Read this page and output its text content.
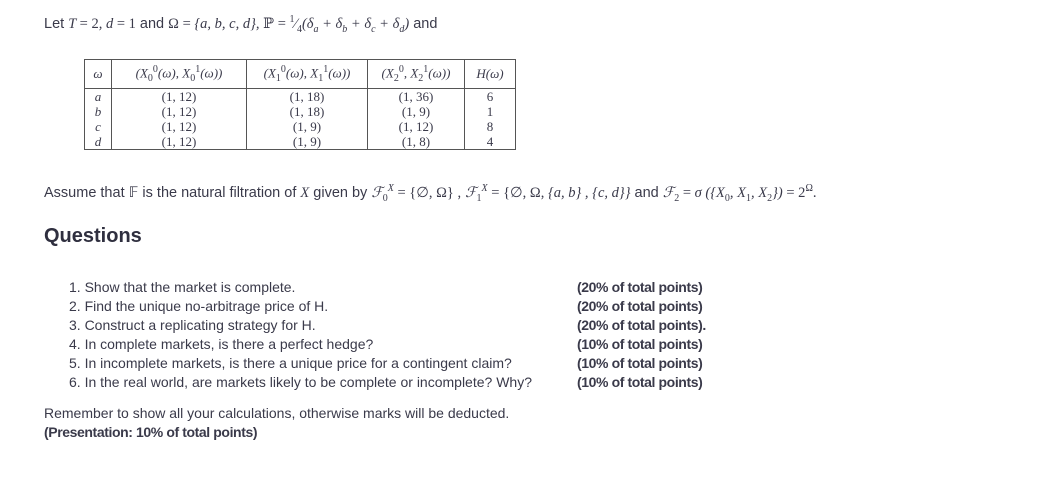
Let T = 2, d = 1 and Ω = {a, b, c, d}, ℙ = $^1⁄_4(\delta_a + \delta_b + \delta_c + \delta_d)$ and
ω	($X_0^0(\omega)$, $X_0^1(\omega)$)	($X_1^0(\omega)$, $X_1^1(\omega)$)	($X_2^0$, $X_2^1(\omega)$)	H(ω)
a	(1, 12)	(1, 18)	(1, 36)	6
b	(1, 12)	(1, 18)	(1, 9)	1
c	(1, 12)	(1, 9)	(1, 12)	8
d	(1, 12)	(1, 9)	(1, 8)	4
Assume that 𝔽 is the natural filtration of X given by ℱ$_0^X$ = {∅, Ω} , ℱ$_1^X$ = {∅, Ω, {a, b} , {c, d}} and ℱ$_2$ = σ ({$X_0$, $X_1$, $X_2\}) = 2^\Omega$.
Questions
1. Show that the market is complete.
2. Find the unique no-arbitrage price of H.
3. Construct a replicating strategy for H.
4. In complete markets, is there a perfect hedge?
5. In incomplete markets, is there a unique price for a contingent claim?
6. In the real world, are markets likely to be complete or incomplete? Why?
(20% of total points)
(20% of total points)
(20% of total points).
(10% of total points)
(10% of total points)
(10% of total points)
Remember to show all your calculations, otherwise marks will be deducted.
(Presentation: 10% of total points)
